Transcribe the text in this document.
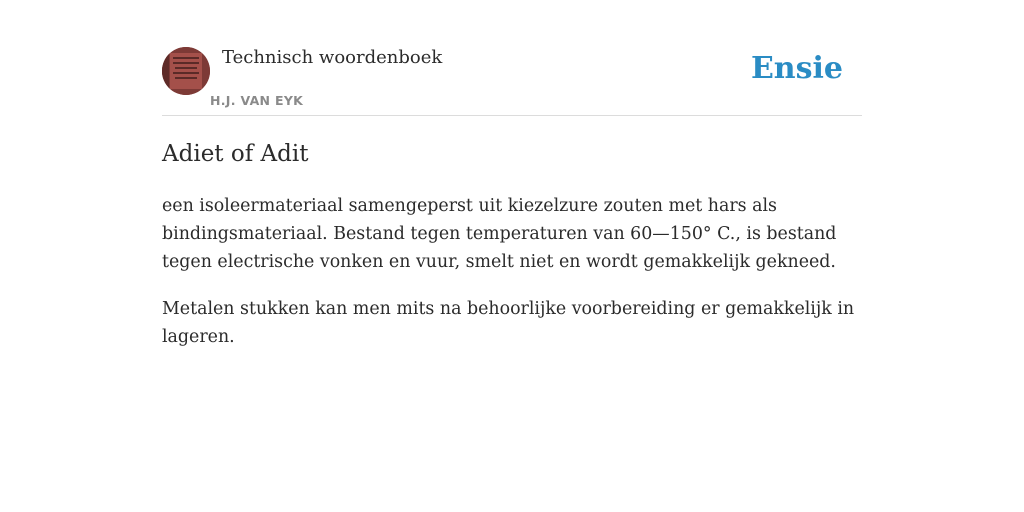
Technisch woordenboek
H.J. VAN EYK
Ensie
Adiet of Adit

een isoleermateriaal samengeperst uit kiezelzure zouten met hars als bindingsmateriaal. Bestand tegen temperaturen van 60—150° C., is bestand tegen electrische vonken en vuur, smelt niet en wordt gemakkelijk gekneed.

Metalen stukken kan men mits na behoorlijke voorbereiding er gemakkelijk in lageren.
